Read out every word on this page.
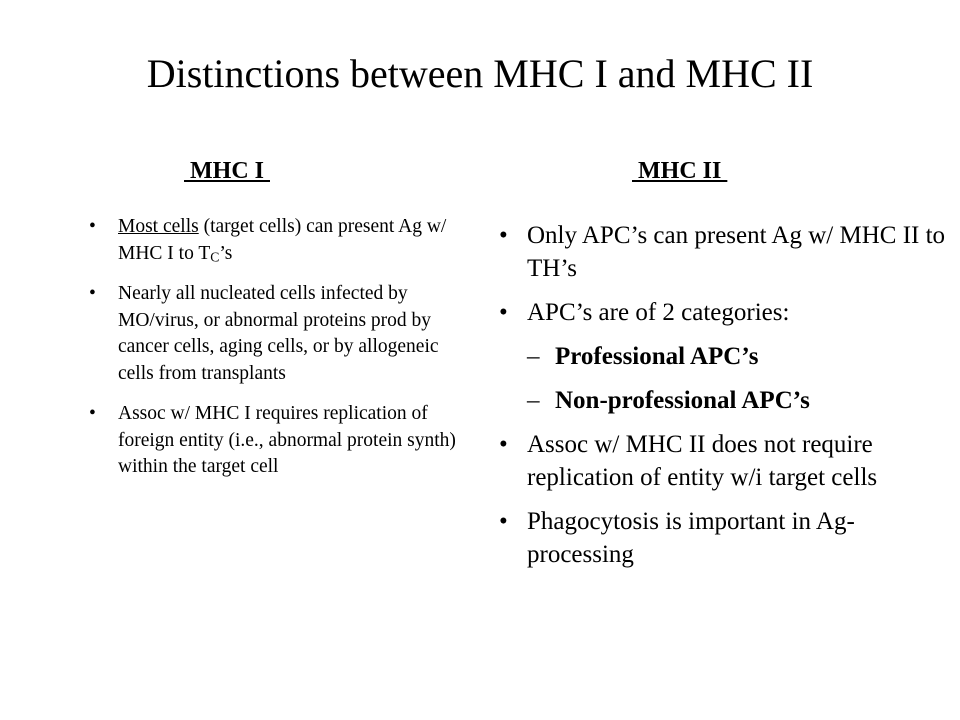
Distinctions between MHC I and MHC II
MHC I	MHC II
• Most cells (target cells) can present Ag w/ MHC I to $T_C’s$
• Nearly all nucleated cells infected by MO/virus, or abnormal proteins prod by cancer cells, aging cells, or by allogeneic cells from transplants
• Assoc w/ MHC I requires replication of foreign entity (i.e., abnormal protein synth) within the target cell
• Only APC’s can present Ag w/ MHC II to TH’s
• APC’s are of 2 categories:
– Professional APC’s
– Non-professional APC’s
• Assoc w/ MHC II does not require replication of entity w/i target cells
• Phagocytosis is important in Ag-processing
